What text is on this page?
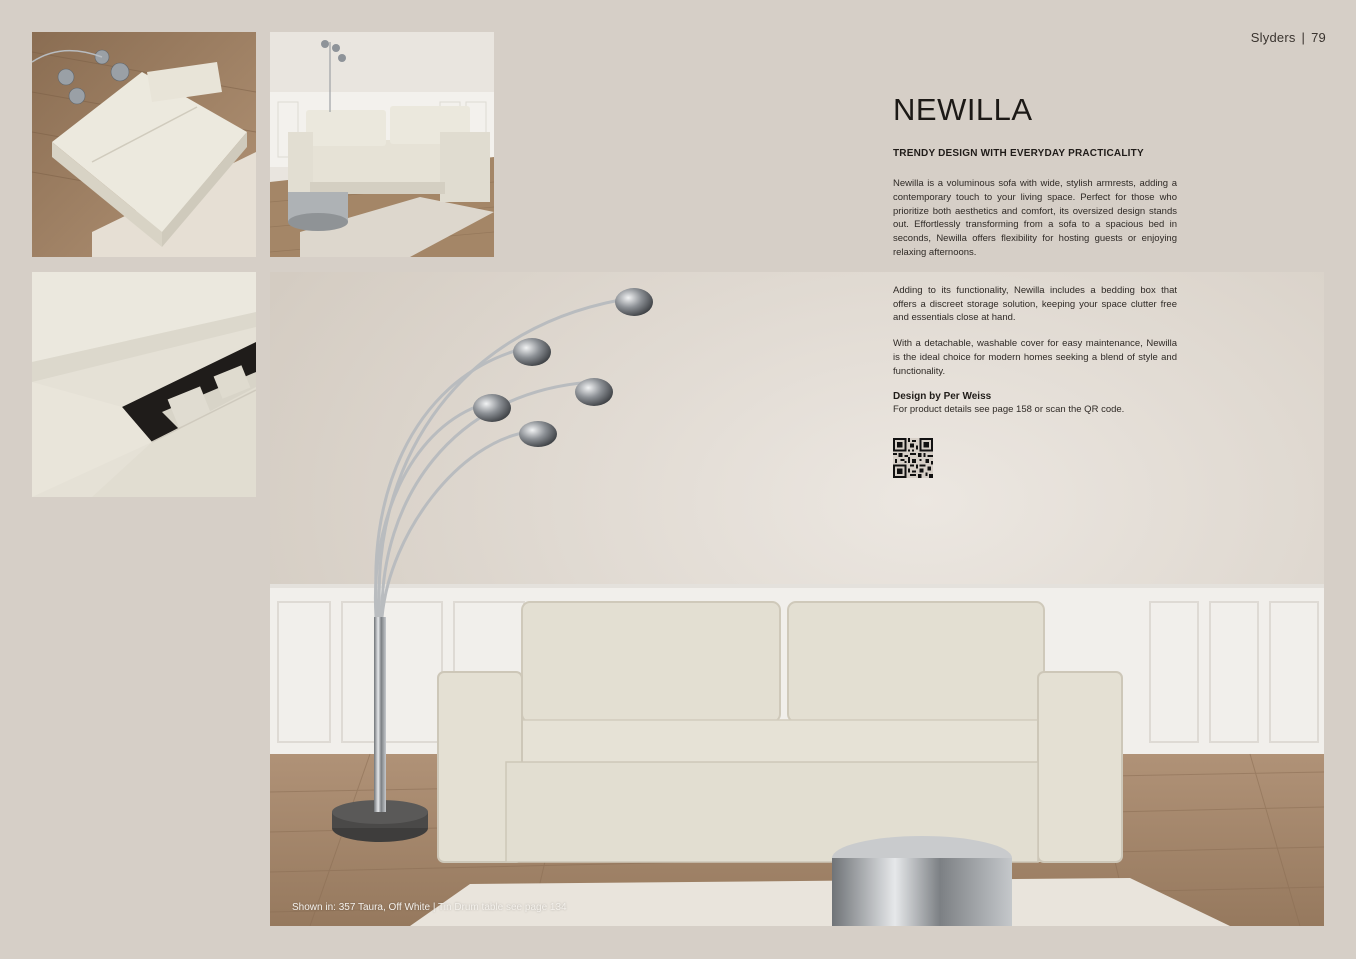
Slyders | 79
Shown in: 357 Taura, Off White | Tin Drum table see page 134
NEWILLA
TRENDY DESIGN WITH EVERYDAY PRACTICALITY

Newilla is a voluminous sofa with wide, stylish armrests, adding a contemporary touch to your living space. Perfect for those who prioritize both aesthetics and comfort, its oversized design stands out. Effortlessly transforming from a sofa to a spacious bed in seconds, Newilla offers flexibility for hosting guests or enjoying relaxing afternoons.

Adding to its functionality, Newilla includes a bedding box that offers a discreet storage solution, keeping your space clutter free and essentials close at hand.

With a detachable, washable cover for easy maintenance, Newilla is the ideal choice for modern homes seeking a blend of style and functionality.

Design by Per Weiss
For product details see page 158 or scan the QR code.
